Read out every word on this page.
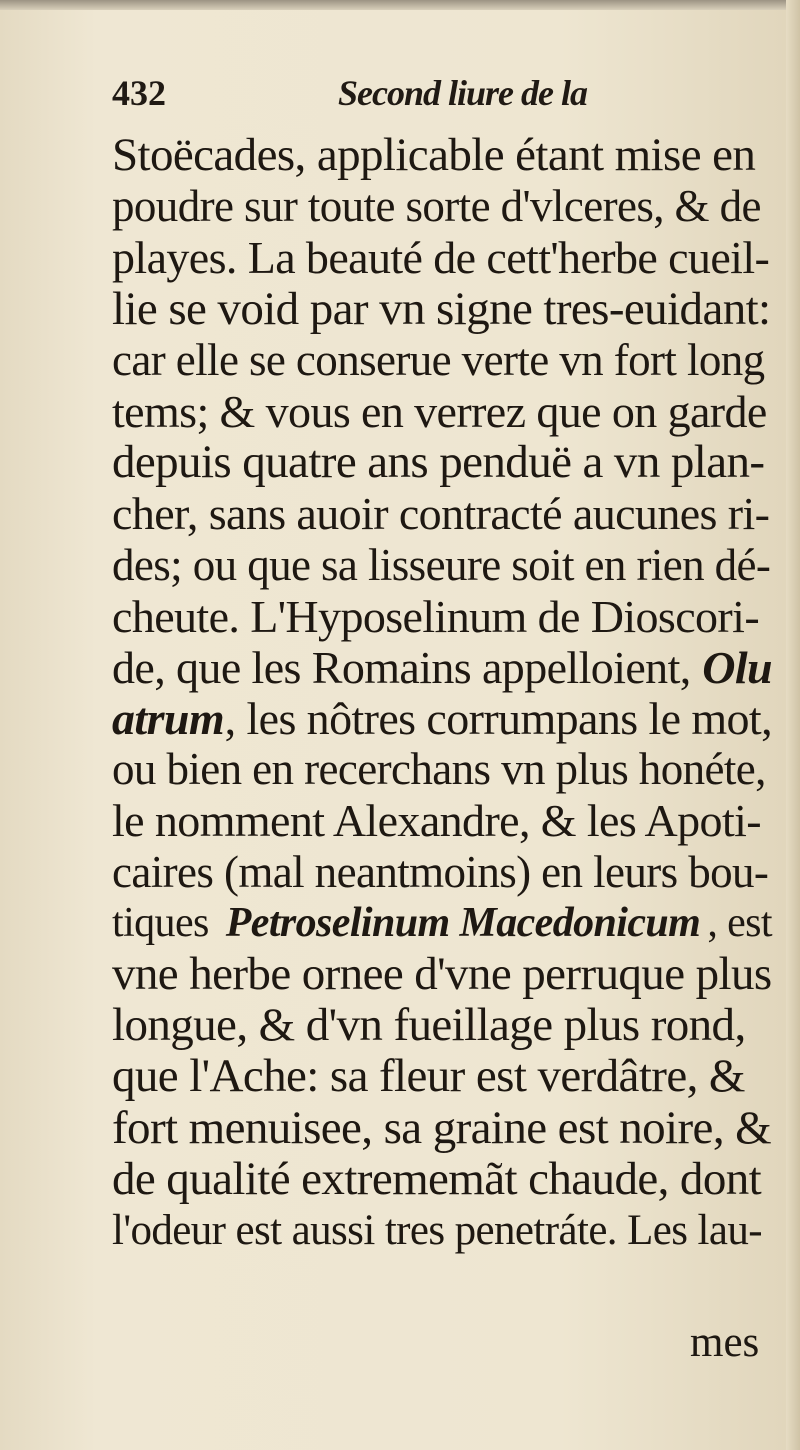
432	Second liure de la
Stoëcades, applicable étant mise en
poudre sur toute sorte d'vlceres, & de
playes. La beauté de cett'herbe cueil-
lie se void par vn signe tres-euidant:
car elle se conserue verte vn fort long
tems; & vous en verrez que on garde
depuis quatre ans penduë a vn plan-
cher, sans auoir contracté aucunes ri-
des; ou que sa lisseure soit en rien dé-
cheute. L'Hyposelinum de Dioscori-
de, que les Romains appelloient, Olu
atrum , les nôtres corrumpans le mot,
ou bien en recerchans vn plus honéte,
le nomment Alexandre, & les Apoti-
caires (mal neantmoins) en leurs bou-
tiques Petroselinum Macedonicum , est
vne herbe ornee d'vne perruque plus
longue, & d'vn fueillage plus rond,
que l'Ache: sa fleur est verdâtre, &
fort menuisee, sa graine est noire, &
de qualité extrememãt chaude, dont
l'odeur est aussi tres penetráte. Les lau-
mes
